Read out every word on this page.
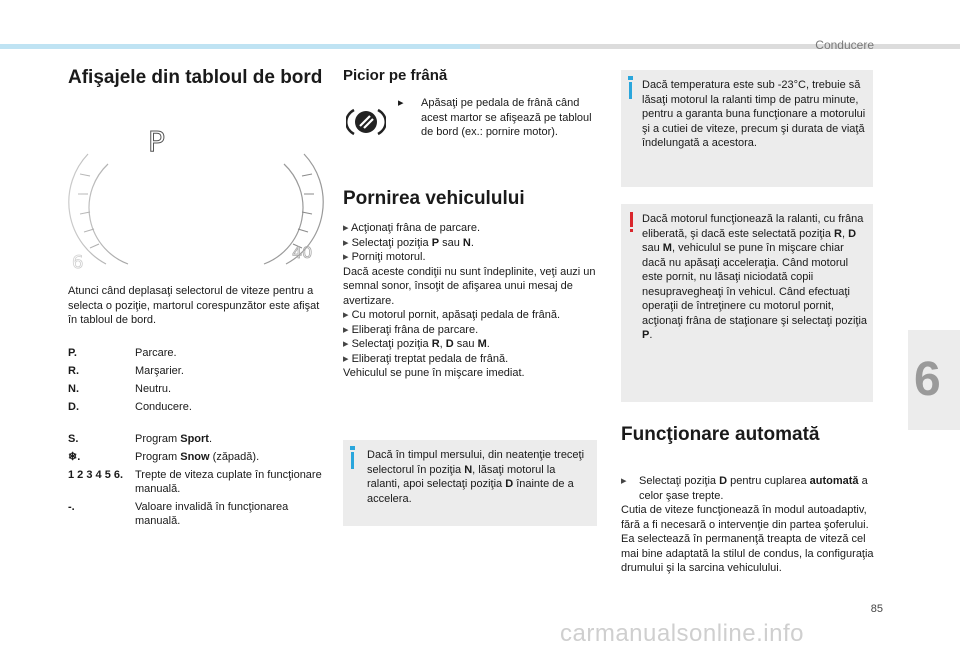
Conducere
6
Afişajele din tabloul de bord
Atunci când deplasaţi selectorul de viteze pentru a selecta o poziţie, martorul corespunzător este afişat în tabloul de bord.
P.	Parcare.
R.	Marşarier.
N.	Neutru.
D.	Conducere.
S.	Program Sport.
❄.	Program Snow (zăpadă).
1 2 3 4 5 6. Trepte de viteza cuplate în funcţionare manuală.
-.	Valoare invalidă în funcţionarea manuală.
Picior pe frână
▸ Apăsaţi pe pedala de frână când acest martor se afişează pe tabloul de bord (ex.: pornire motor).
Pornirea vehiculului
▸ Acţionaţi frâna de parcare.
▸ Selectaţi poziţia P sau N.
▸ Porniţi motorul.
Dacă aceste condiţii nu sunt îndeplinite, veţi auzi un semnal sonor, însoţit de afişarea unui mesaj de avertizare.
▸ Cu motorul pornit, apăsaţi pedala de frână.
▸ Eliberaţi frâna de parcare.
▸ Selectaţi poziţia R, D sau M.
▸ Eliberaţi treptat pedala de frână.
Vehiculul se pune în mişcare imediat.
Dacă în timpul mersului, din neatenţie treceţi selectorul în poziţia N, lăsaţi motorul la ralanti, apoi selectaţi poziţia D înainte de a accelera.
Dacă temperatura este sub -23°C, trebuie să lăsaţi motorul la ralanti timp de patru minute, pentru a garanta buna funcţionare a motorului şi a cutiei de viteze, precum şi durata de viaţă îndelungată a acestora.
Dacă motorul funcţionează la ralanti, cu frâna eliberată, şi dacă este selectată poziţia R, D sau M, vehiculul se pune în mişcare chiar dacă nu apăsaţi acceleraţia. Când motorul este pornit, nu lăsaţi niciodată copii nesupravegheaţi în vehicul. Când efectuaţi operaţii de întreţinere cu motorul pornit, acţionaţi frâna de staţionare şi selectaţi poziţia P.
Funcţionare automată
▸ Selectaţi poziţia D pentru cuplarea automată a celor şase trepte.
Cutia de viteze funcţionează în modul autoadaptiv, fără a fi necesară o intervenţie din partea şoferului. Ea selectează în permanenţă treapta de viteză cel mai bine adaptată la stilul de condus, la configuraţia drumului şi la sarcina vehiculului.
85
carmanualsonline.info
